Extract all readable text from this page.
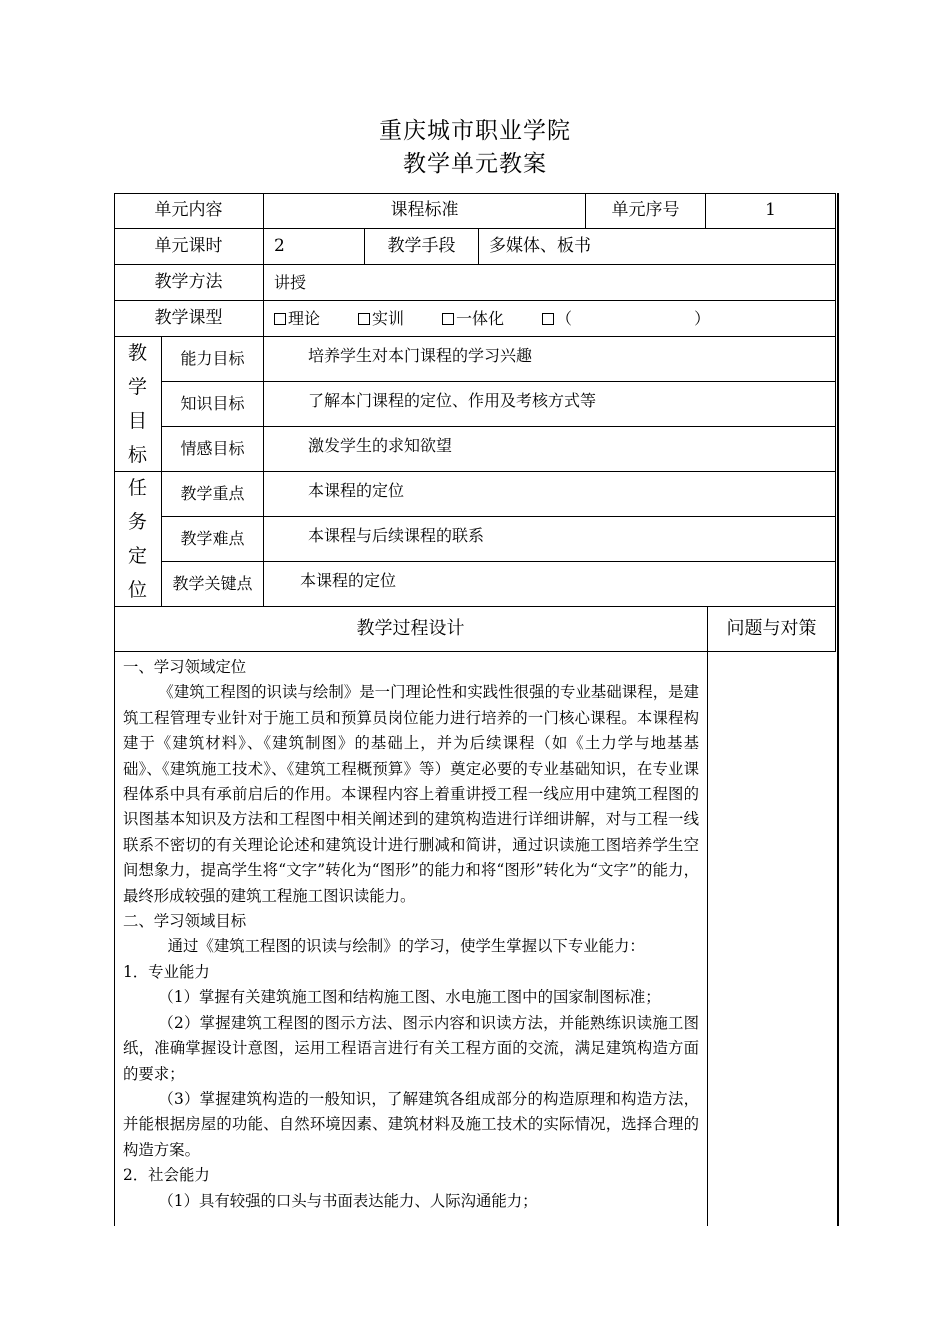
重庆城市职业学院
教学单元教案
单元内容	课程标准	单元序号	1
单元课时	2	教学手段	多媒体、板书
教学方法	讲授
教学课型	理论	实训	一体化	（                        ）
教
学
目
标
能力目标	培养学生对本门课程的学习兴趣
知识目标	了解本门课程的定位、作用及考核方式等
情感目标	激发学生的求知欲望
任
务
定
位
教学重点	本课程的定位
教学难点	本课程与后续课程的联系
教学关键点	本课程的定位
教学过程设计	问题与对策

一、学习领域定位

《建筑工程图的识读与绘制》是一门理论性和实践性很强的专业基础课程，是建筑工程管理专业针对于施工员和预算员岗位能力进行培养的一门核心课程。本课程构建于《建筑材料》、《建筑制图》的基础上，并为后续课程（如《土力学与地基基础》、《建筑施工技术》、《建筑工程概预算》等）奠定必要的专业基础知识，在专业课程体系中具有承前启后的作用。本课程内容上着重讲授工程一线应用中建筑工程图的识图基本知识及方法和工程图中相关阐述到的建筑构造进行详细讲解，对与工程一线联系不密切的有关理论论述和建筑设计进行删减和简讲，通过识读施工图培养学生空间想象力，提高学生将“文字”转化为“图形”的能力和将“图形”转化为“文字”的能力，最终形成较强的建筑工程施工图识读能力。

二、学习领域目标

通过《建筑工程图的识读与绘制》的学习，使学生掌握以下专业能力：

1．专业能力

（1）掌握有关建筑施工图和结构施工图、水电施工图中的国家制图标准；

（2）掌握建筑工程图的图示方法、图示内容和识读方法，并能熟练识读施工图纸，准确掌握设计意图，运用工程语言进行有关工程方面的交流，满足建筑构造方面的要求；

（3）掌握建筑构造的一般知识，了解建筑各组成部分的构造原理和构造方法，并能根据房屋的功能、自然环境因素、建筑材料及施工技术的实际情况，选择合理的构造方案。

2．社会能力

（1）具有较强的口头与书面表达能力、人际沟通能力；
